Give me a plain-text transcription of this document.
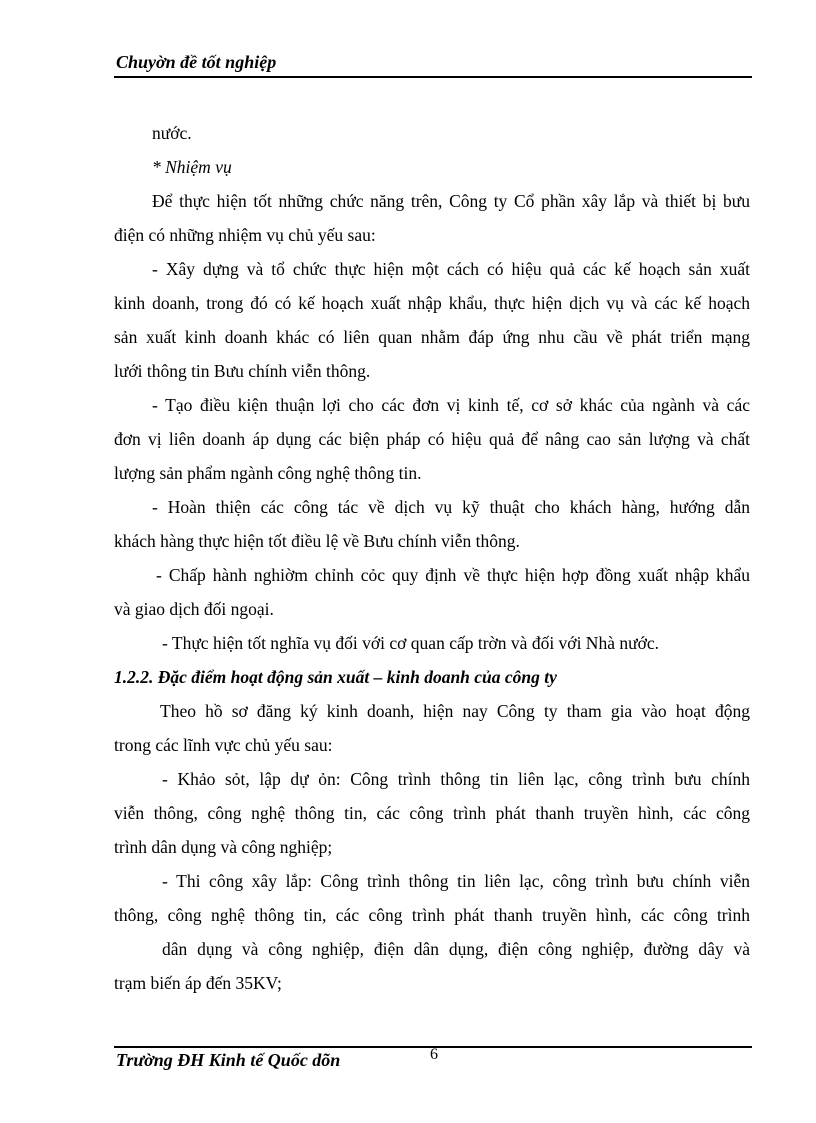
Chuyờn đề tốt nghiệp
nước.
* Nhiệm vụ
Để thực hiện tốt những chức năng trên, Công ty Cổ phần xây lắp và thiết bị bưu
điện có những nhiệm vụ chủ yếu sau:
- Xây dựng và tổ chức thực hiện một cách có hiệu quả các kế hoạch sản xuất
kinh doanh, trong đó có kế hoạch xuất nhập khẩu, thực hiện dịch vụ và các kế hoạch
sản xuất kinh doanh khác có liên quan nhằm đáp ứng nhu cầu về phát triển mạng
lưới thông tin Bưu chính viễn thông.
- Tạo điều kiện thuận lợi cho các đơn vị kinh tế, cơ sở khác của ngành và các
đơn vị liên doanh áp dụng các biện pháp có hiệu quả để nâng cao sản lượng và chất
lượng sản phẩm ngành công nghệ thông tin.
- Hoàn thiện các công tác về dịch vụ kỹ thuật cho khách hàng, hướng dẫn
khách hàng thực hiện tốt điều lệ về Bưu chính viễn thông.
- Chấp hành nghiờm chỉnh cỏc quy định về thực hiện hợp đồng xuất nhập khẩu
và giao dịch đối ngoại.
- Thực hiện tốt nghĩa vụ đối với cơ quan cấp trờn và đối với Nhà nước.
1.2.2. Đặc điểm hoạt động sản xuất – kinh doanh của công ty
Theo hồ sơ đăng ký kinh doanh, hiện nay Công ty tham gia vào hoạt động
trong các lĩnh vực chủ yếu sau:
- Khảo sỏt, lập dự ỏn: Công trình thông tin liên lạc, công trình bưu chính
viễn thông, công nghệ thông tin, các công trình phát thanh truyền hình, các công
trình dân dụng và công nghiệp;
- Thi công xây lắp: Công trình thông tin liên lạc, công trình bưu chính viễn
thông, công nghệ thông tin, các công trình phát thanh truyền hình, các công trình
dân dụng và công nghiệp, điện dân dụng, điện công nghiệp, đường dây và
trạm biến áp đến 35KV;
Trường ĐH Kinh tế Quốc dõn	6
